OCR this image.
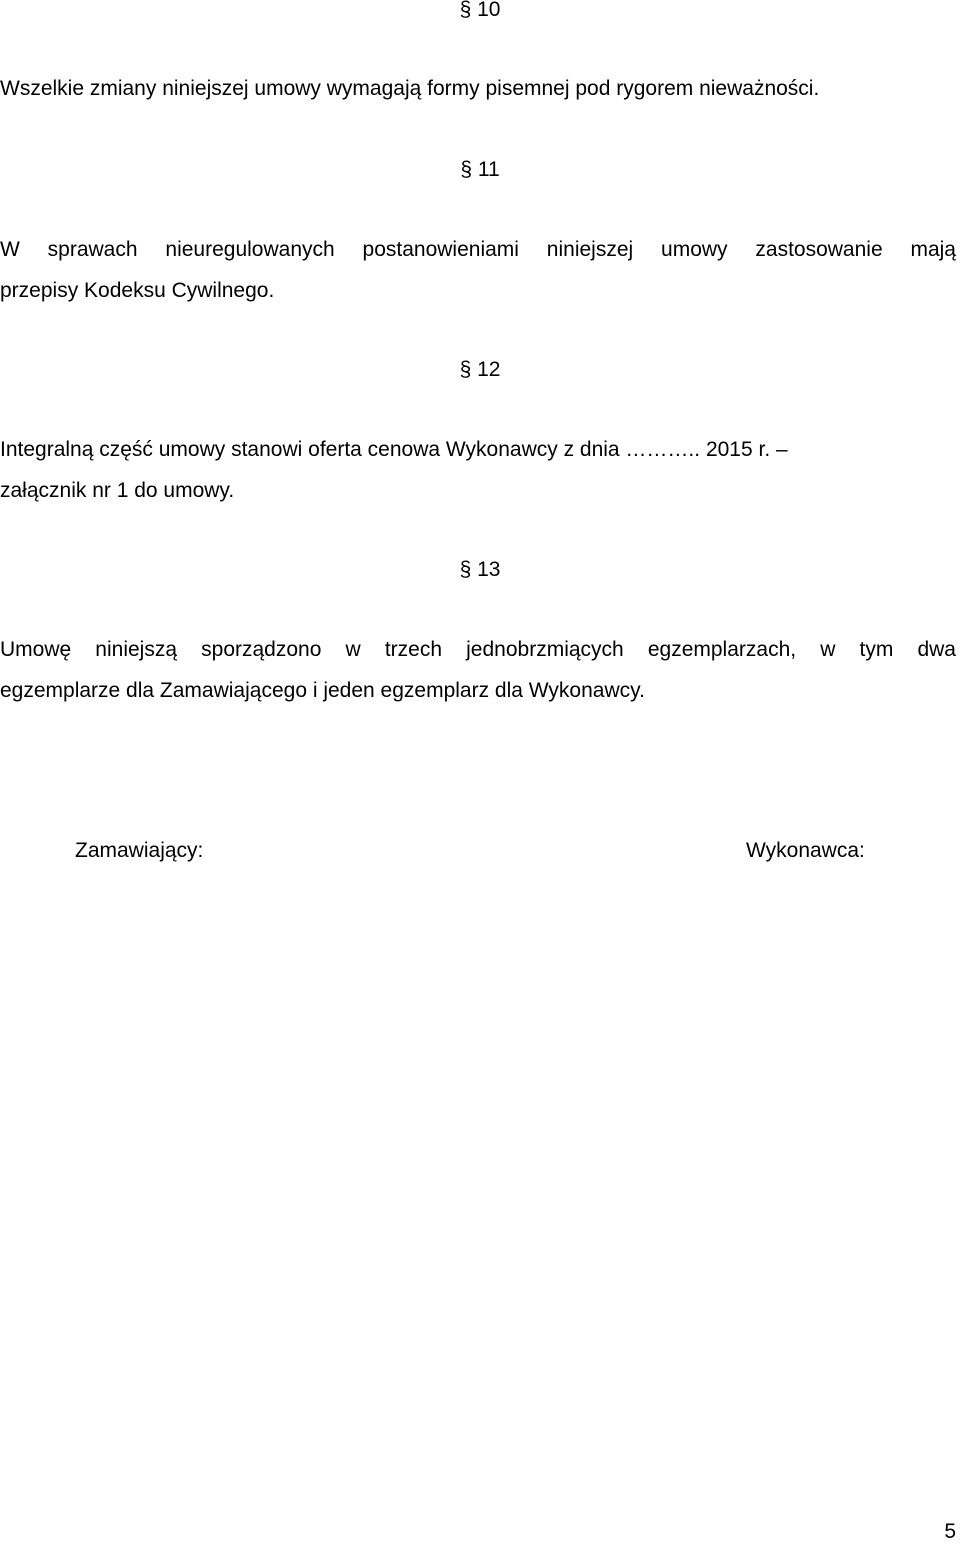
§ 10
Wszelkie zmiany niniejszej umowy wymagają formy pisemnej pod rygorem nieważności.
§ 11
W sprawach nieuregulowanych postanowieniami niniejszej umowy zastosowanie mają
przepisy Kodeksu Cywilnego.
§ 12
Integralną część umowy stanowi oferta cenowa Wykonawcy z dnia ……….. 2015 r. –
załącznik nr 1 do umowy.
§ 13
Umowę niniejszą sporządzono w trzech jednobrzmiących egzemplarzach, w tym dwa
egzemplarze dla Zamawiającego i jeden egzemplarz dla Wykonawcy.
Zamawiający:	Wykonawca:
5
